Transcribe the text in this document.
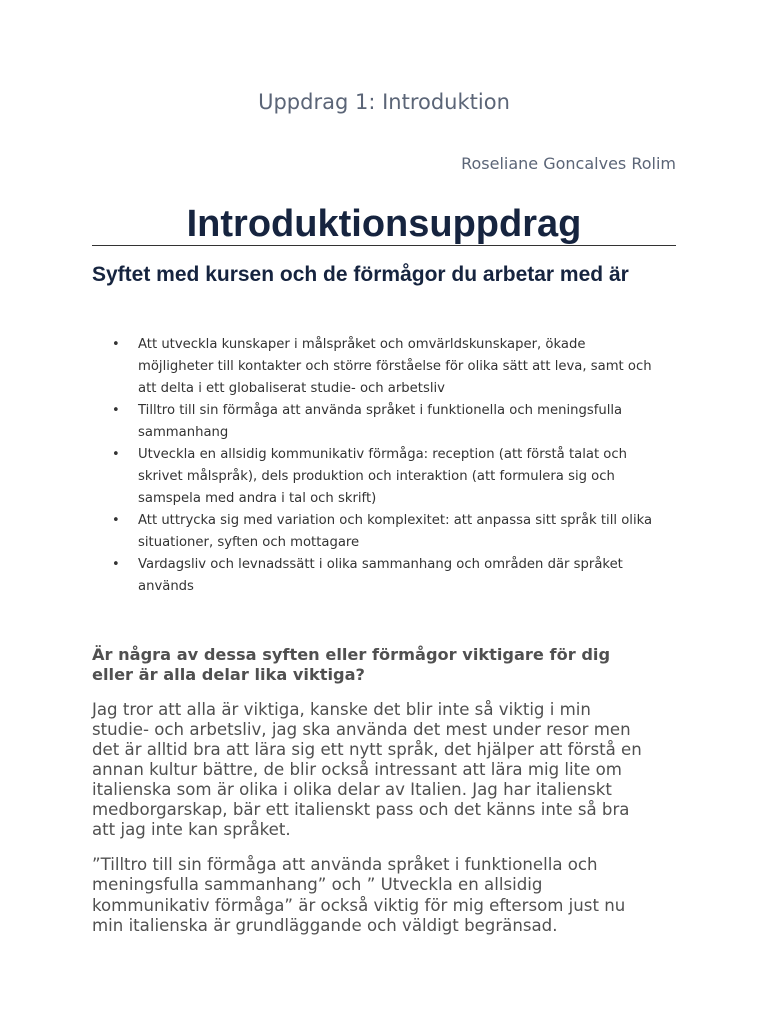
Uppdrag 1: Introduktion
Roseliane Goncalves Rolim
Introduktionsuppdrag
Syftet med kursen och de förmågor du arbetar med är
• Att utveckla kunskaper i målspråket och omvärldskunskaper, ökade
möjligheter till kontakter och större förståelse för olika sätt att leva, samt och
att delta i ett globaliserat studie- och arbetsliv
• Tilltro till sin förmåga att använda språket i funktionella och meningsfulla
sammanhang
• Utveckla en allsidig kommunikativ förmåga: reception (att förstå talat och
skrivet målspråk), dels produktion och interaktion (att formulera sig och
samspela med andra i tal och skrift)
• Att uttrycka sig med variation och komplexitet: att anpassa sitt språk till olika
situationer, syften och mottagare
• Vardagsliv och levnadssätt i olika sammanhang och områden där språket
används
Är några av dessa syften eller förmågor viktigare för dig
eller är alla delar lika viktiga?

Jag tror att alla är viktiga, kanske det blir inte så viktig i min
studie- och arbetsliv, jag ska använda det mest under resor men
det är alltid bra att lära sig ett nytt språk, det hjälper att förstå en
annan kultur bättre, de blir också intressant att lära mig lite om
italienska som är olika i olika delar av Italien. Jag har italienskt
medborgarskap, bär ett italienskt pass och det känns inte så bra
att jag inte kan språket.

”Tilltro till sin förmåga att använda språket i funktionella och
meningsfulla sammanhang” och ” Utveckla en allsidig
kommunikativ förmåga” är också viktig för mig eftersom just nu
min italienska är grundläggande och väldigt begränsad.
